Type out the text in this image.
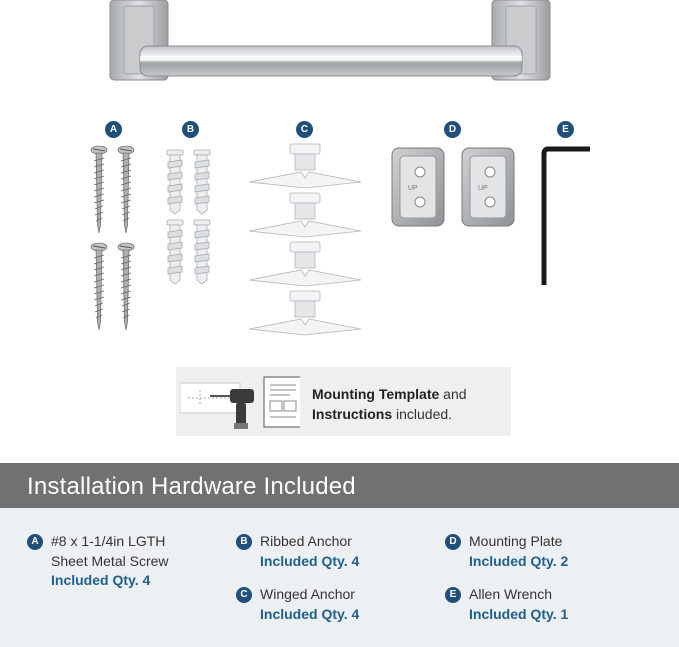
A	B	C	D	E
UP
Mounting Template and
Instructions included.
Installation Hardware Included
A #8 x 1-1/4in LGTH
Sheet Metal Screw
Included Qty. 4
B Ribbed Anchor
Included Qty. 4
C Winged Anchor
Included Qty. 4
D Mounting Plate
Included Qty. 2
E Allen Wrench
Included Qty. 1
